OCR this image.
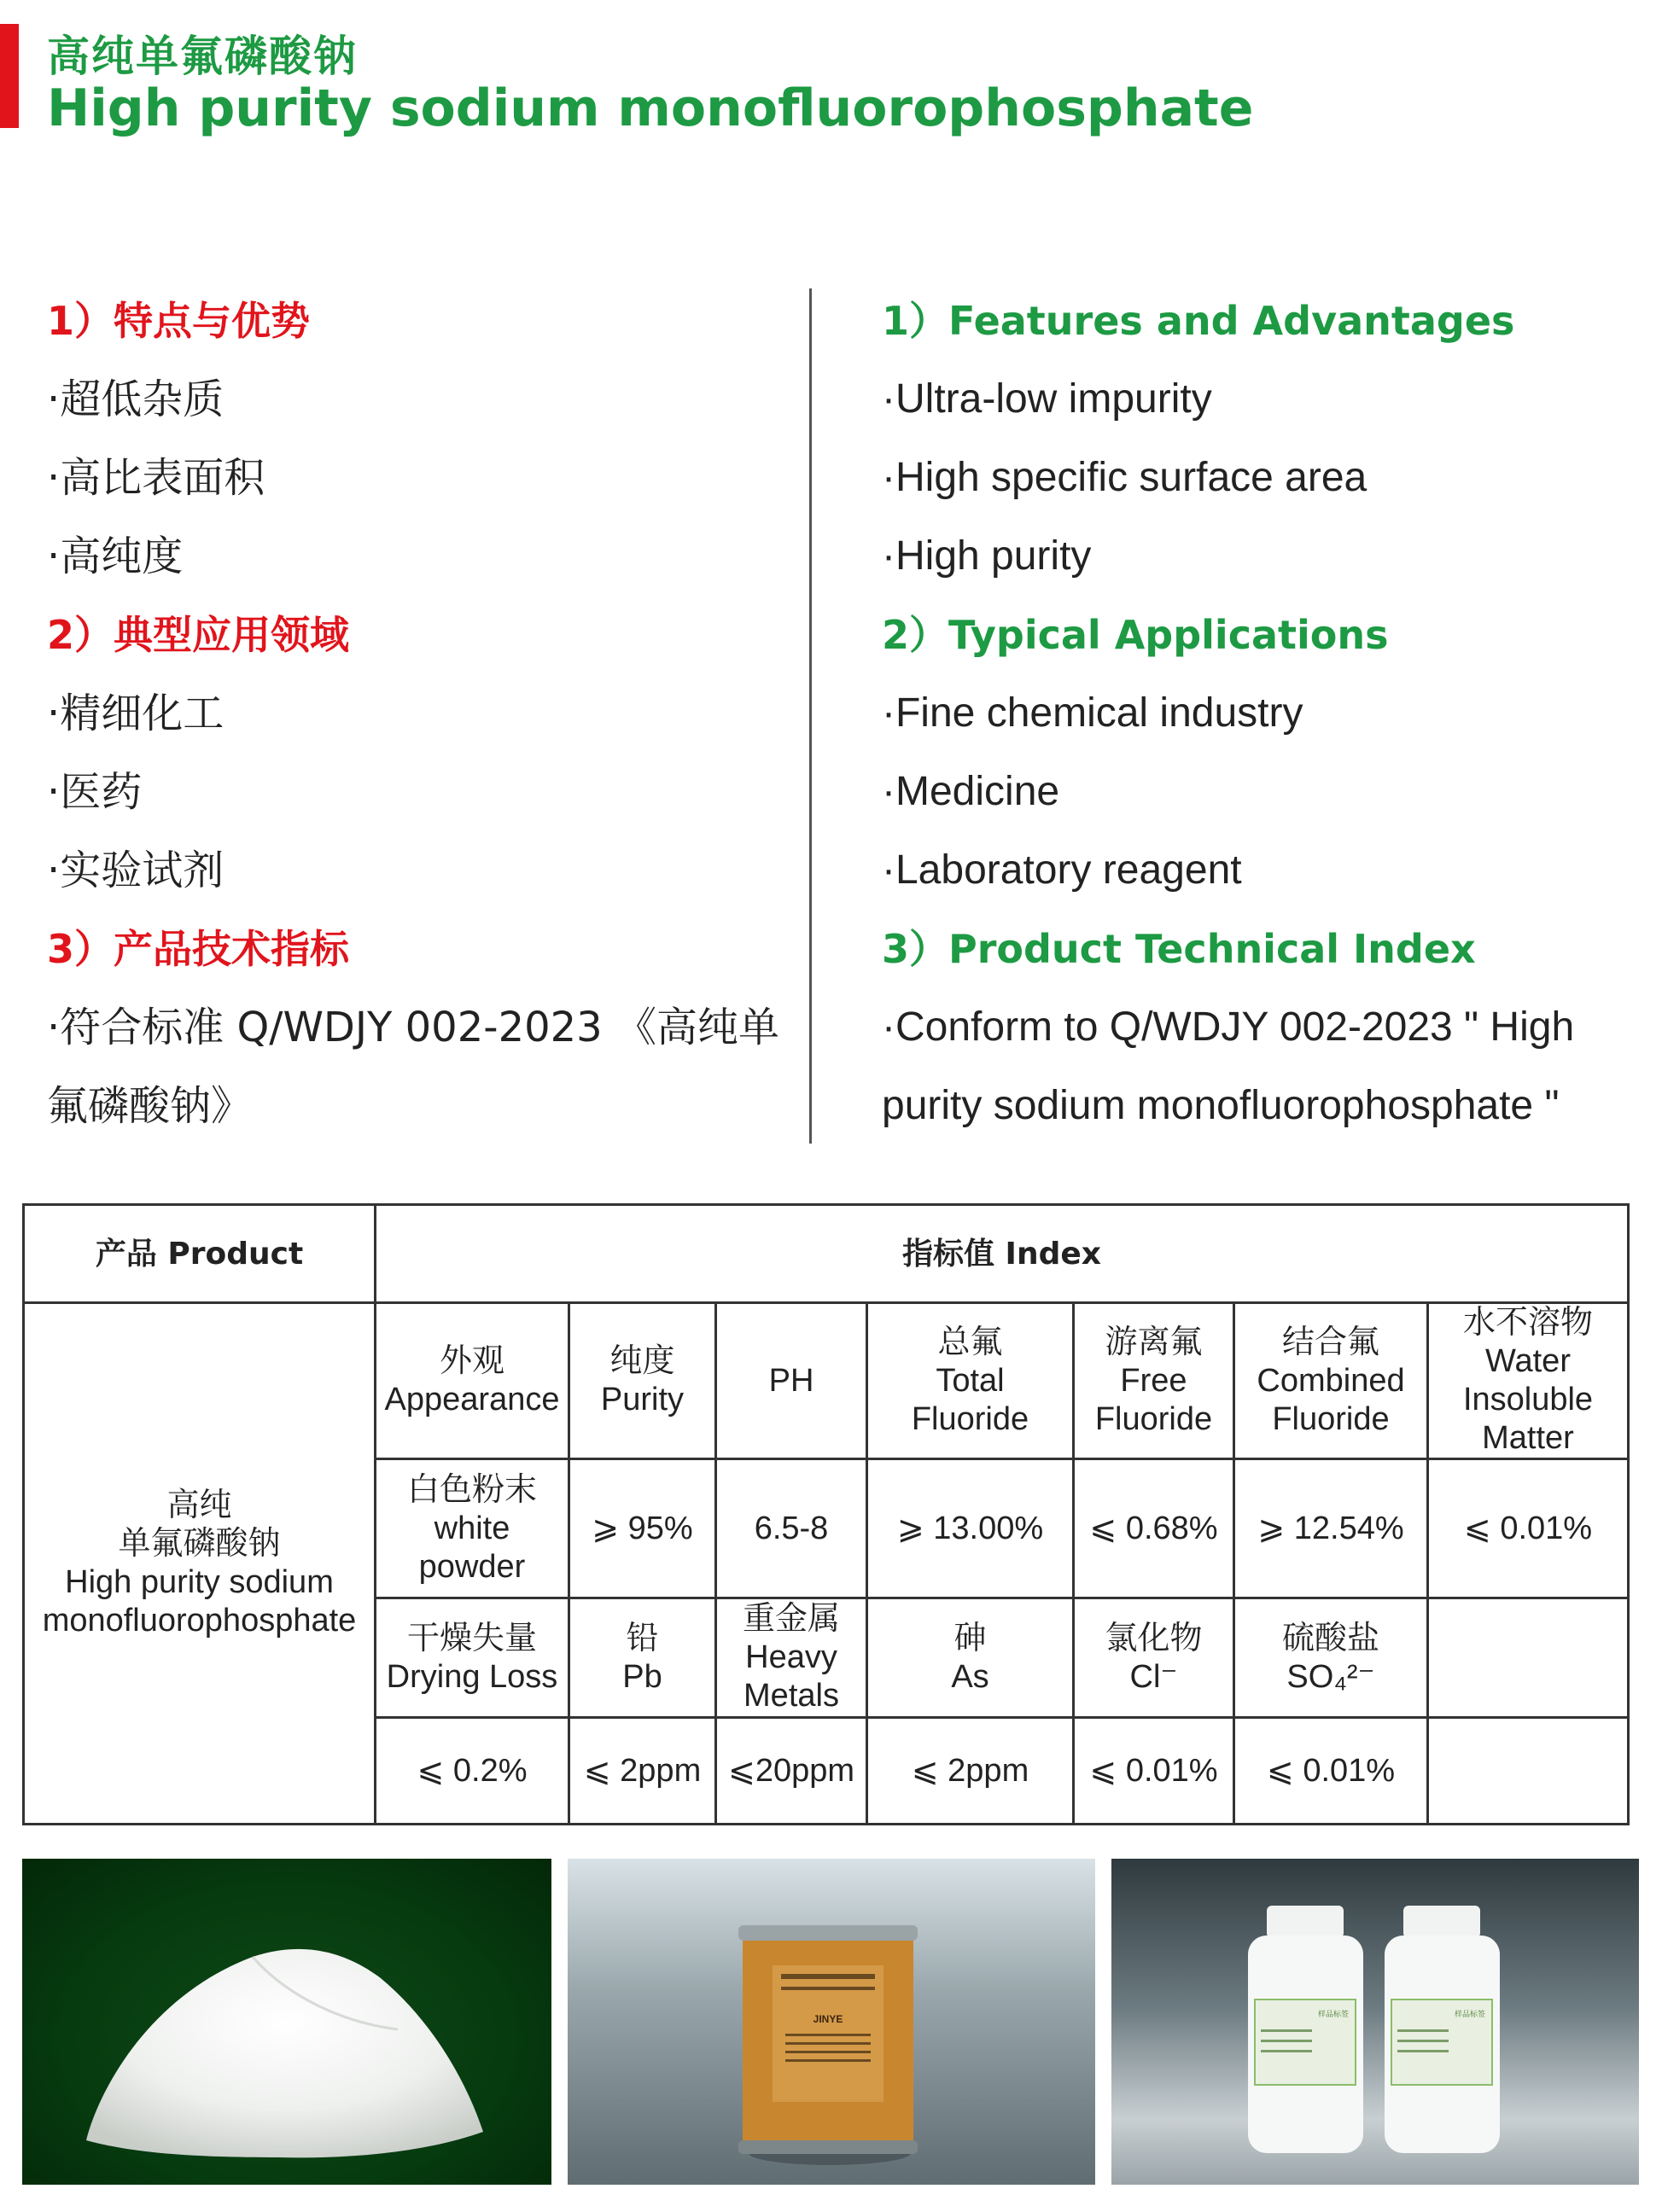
高纯单氟磷酸钠
High purity sodium monofluorophosphate
1）特点与优势
·超低杂质
·高比表面积
·高纯度
2）典型应用领域
·精细化工
·医药
·实验试剂
3）产品技术指标
·符合标准 Q/WDJY 002-2023 《高纯单氟磷酸钠》
1）Features and Advantages
·Ultra-low impurity
·High specific surface area
·High purity
2）Typical Applications
·Fine chemical industry
·Medicine
·Laboratory reagent
3）Product Technical Index
·Conform to Q/WDJY 002-2023 " High purity sodium monofluorophosphate "
产品 Product	指标值 Index						

高纯
单氟磷酸钠
High purity sodium
monofluorophosphate	外观
Appearance	纯度
Purity	PH	总氟
Total
Fluoride	游离氟
Free
Fluoride	结合氟
Combined
Fluoride	水不溶物
Water
Insoluble
Matter

	白色粉末
white
powder	⩾ 95%	6.5-8	⩾ 13.00%	⩽ 0.68%	⩾ 12.54%	⩽ 0.01%

	干燥失量
Drying Loss	铅
Pb	重金属
Heavy
Metals	砷
As	氯化物
Cl⁻	硫酸盐
SO₄²⁻	

	⩽ 0.2%	⩽ 2ppm	⩽20ppm	⩽ 2ppm	⩽ 0.01%	⩽ 0.01%	
JINYE	样品标签	样品标签
